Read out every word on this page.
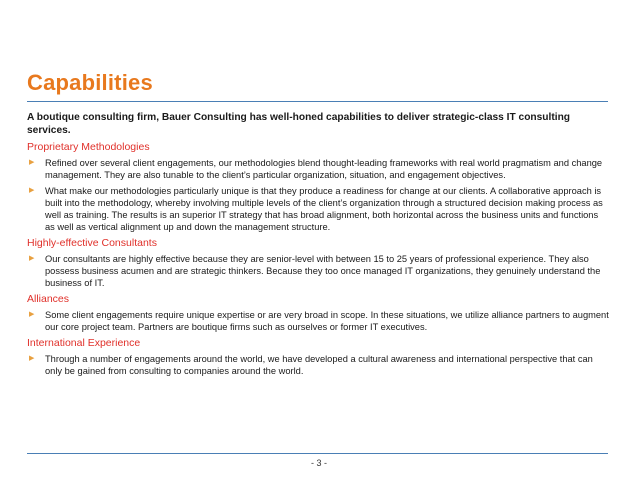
Capabilities

A boutique consulting firm, Bauer Consulting has well-honed capabilities to deliver strategic-class IT consulting services.

Proprietary Methodologies
▶ Refined over several client engagements, our methodologies blend thought-leading frameworks with real world pragmatism and change management. They are also tunable to the client’s particular organization, situation, and engagement objectives.
▶ What make our methodologies particularly unique is that they produce a readiness for change at our clients. A collaborative approach is built into the methodology, whereby involving multiple levels of the client’s organization through a structured decision making process as well as training. The results is an superior IT strategy that has broad alignment, both horizontal across the business units and functions as well as vertical alignment up and down the management structure.
Highly-effective Consultants
▶ Our consultants are highly effective because they are senior-level with between 15 to 25 years of professional experience. They also possess business acumen and are strategic thinkers. Because they too once managed IT organizations, they genuinely understand the business of IT.
Alliances
▶ Some client engagements require unique expertise or are very broad in scope. In these situations, we utilize alliance partners to augment our core project team. Partners are boutique firms such as ourselves or former IT executives.
International Experience
▶ Through a number of engagements around the world, we have developed a cultural awareness and international perspective that can only be gained from consulting to companies around the world.
- 3 -
